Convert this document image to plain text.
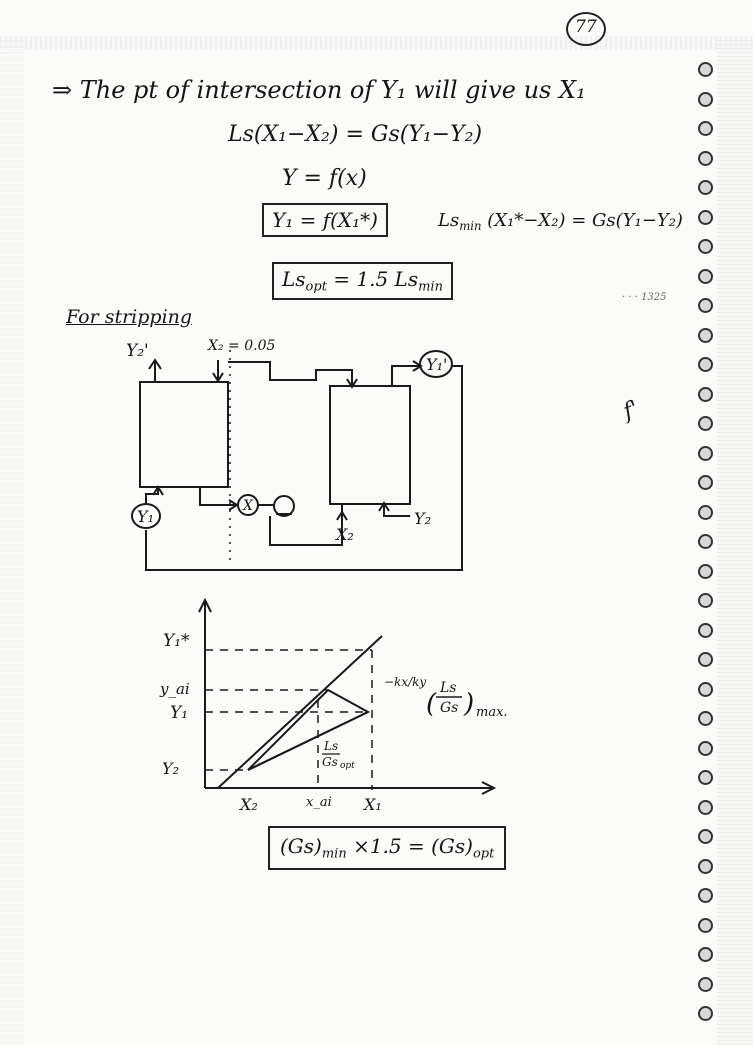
77
⇒ The pt of intersection of Y₁ will give us X₁
Ls(X₁−X₂) = Gs(Y₁−Y₂)
Y = f(x)
Y₁ = f(X₁*)	$Ls_{min}$ (X₁*−X₂) = Gs(Y₁−Y₂)
$Ls_{opt} = 1.5$ $Ls_{min}$
· · · 1325
For stripping
Y₂'	X₂ = 0.05
Y₁'
Y₁
X
Y₂
X₂
Y₁*
y_ai
Y₁
Y₂
X₂	x_ai X₁
−kx/ky Ls
Gs
( ) max.
Ls
Gs opt
$(Gs)_{min} \times 1.5 = (Gs)_{opt}$
f'
